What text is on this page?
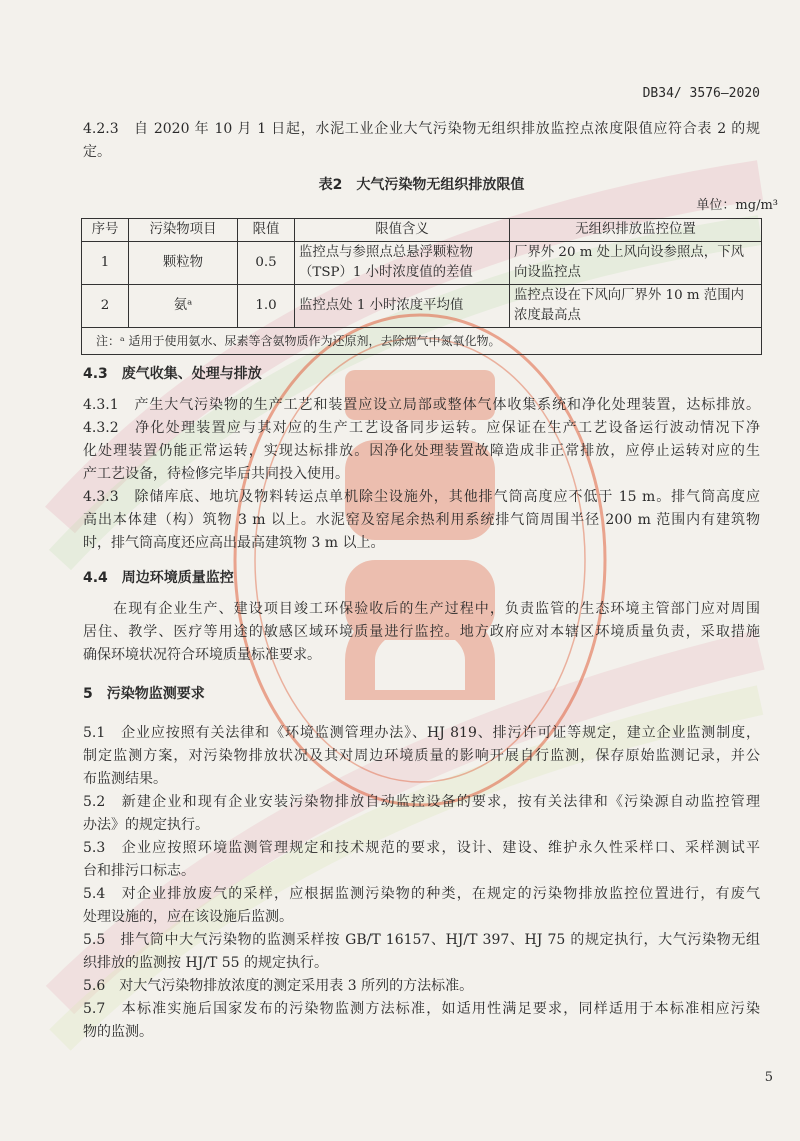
DB34/ 3576—2020
4.2.3　自 2020 年 10 月 1 日起，水泥工业企业大气污染物无组织排放监控点浓度限值应符合表 2 的规
定。
表2　大气污染物无组织排放限值
单位：mg/m³
序号	污染物项目	限值	限值含义	无组织排放监控位置
1	颗粒物	0.5	监控点与参照点总悬浮颗粒物（TSP）1 小时浓度值的差值	厂界外 20 m 处上风向设参照点，下风向设监控点
2	氨ᵃ	1.0	监控点处 1 小时浓度平均值	监控点设在下风向厂界外 10 m 范围内浓度最高点
注：ᵃ 适用于使用氨水、尿素等含氨物质作为还原剂，去除烟气中氮氧化物。				
4.3　废气收集、处理与排放
4.3.1　产生大气污染物的生产工艺和装置应设立局部或整体气体收集系统和净化处理装置，达标排放。
4.3.2　净化处理装置应与其对应的生产工艺设备同步运转。应保证在生产工艺设备运行波动情况下净
化处理装置仍能正常运转，实现达标排放。因净化处理装置故障造成非正常排放，应停止运转对应的生
产工艺设备，待检修完毕后共同投入使用。
4.3.3　除储库底、地坑及物料转运点单机除尘设施外，其他排气筒高度应不低于 15 m。排气筒高度应
高出本体建（构）筑物 3 m 以上。水泥窑及窑尾余热利用系统排气筒周围半径 200 m 范围内有建筑物
时，排气筒高度还应高出最高建筑物 3 m 以上。
4.4　周边环境质量监控
　　在现有企业生产、建设项目竣工环保验收后的生产过程中，负责监管的生态环境主管部门应对周围
居住、教学、医疗等用途的敏感区域环境质量进行监控。地方政府应对本辖区环境质量负责，采取措施
确保环境状况符合环境质量标准要求。
5　污染物监测要求
5.1　企业应按照有关法律和《环境监测管理办法》、HJ 819、排污许可证等规定，建立企业监测制度，
制定监测方案，对污染物排放状况及其对周边环境质量的影响开展自行监测，保存原始监测记录，并公
布监测结果。
5.2　新建企业和现有企业安装污染物排放自动监控设备的要求，按有关法律和《污染源自动监控管理
办法》的规定执行。
5.3　企业应按照环境监测管理规定和技术规范的要求，设计、建设、维护永久性采样口、采样测试平
台和排污口标志。
5.4　对企业排放废气的采样，应根据监测污染物的种类，在规定的污染物排放监控位置进行，有废气
处理设施的，应在该设施后监测。
5.5　排气筒中大气污染物的监测采样按 GB/T 16157、HJ/T 397、HJ 75 的规定执行，大气污染物无组
织排放的监测按 HJ/T 55 的规定执行。
5.6　对大气污染物排放浓度的测定采用表 3 所列的方法标准。
5.7　本标准实施后国家发布的污染物监测方法标准，如适用性满足要求，同样适用于本标准相应污染
物的监测。
5
